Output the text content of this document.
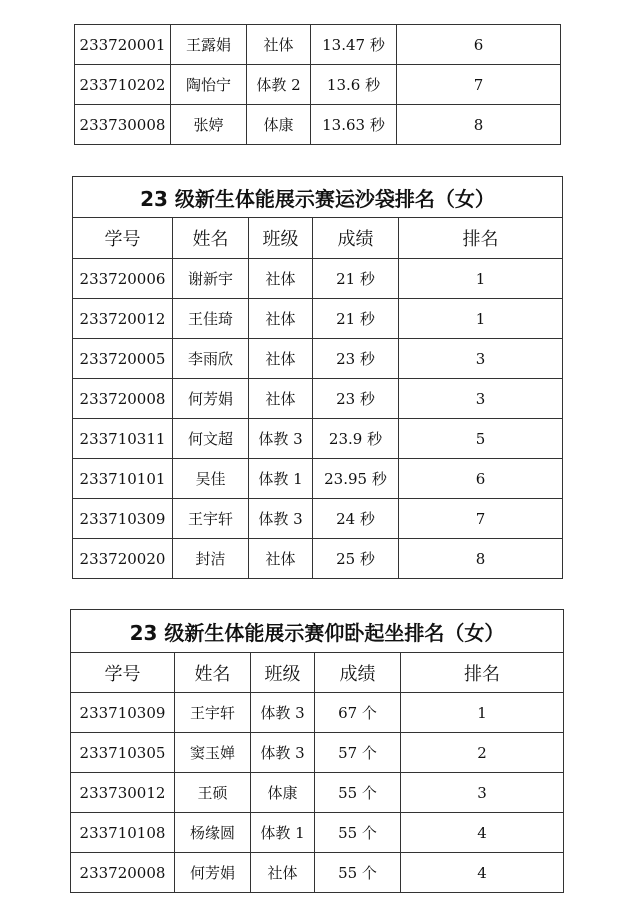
233720001	王露娟	社体	13.47 秒	6
233710202	陶怡宁	体教 2	13.6 秒	7
233730008	张婷	体康	13.63 秒	8
23 级新生体能展示赛运沙袋排名（女）				
学号	姓名	班级	成绩	排名
233720006	谢新宇	社体	21 秒	1
233720012	王佳琦	社体	21 秒	1
233720005	李雨欣	社体	23 秒	3
233720008	何芳娟	社体	23 秒	3
233710311	何文超	体教 3	23.9 秒	5
233710101	吴佳	体教 1	23.95 秒	6
233710309	王宇轩	体教 3	24 秒	7
233720020	封洁	社体	25 秒	8
23 级新生体能展示赛仰卧起坐排名（女）				
学号	姓名	班级	成绩	排名
233710309	王宇轩	体教 3	67 个	1
233710305	窦玉婵	体教 3	57 个	2
233730012	王硕	体康	55 个	3
233710108	杨缘圆	体教 1	55 个	4
233720008	何芳娟	社体	55 个	4
